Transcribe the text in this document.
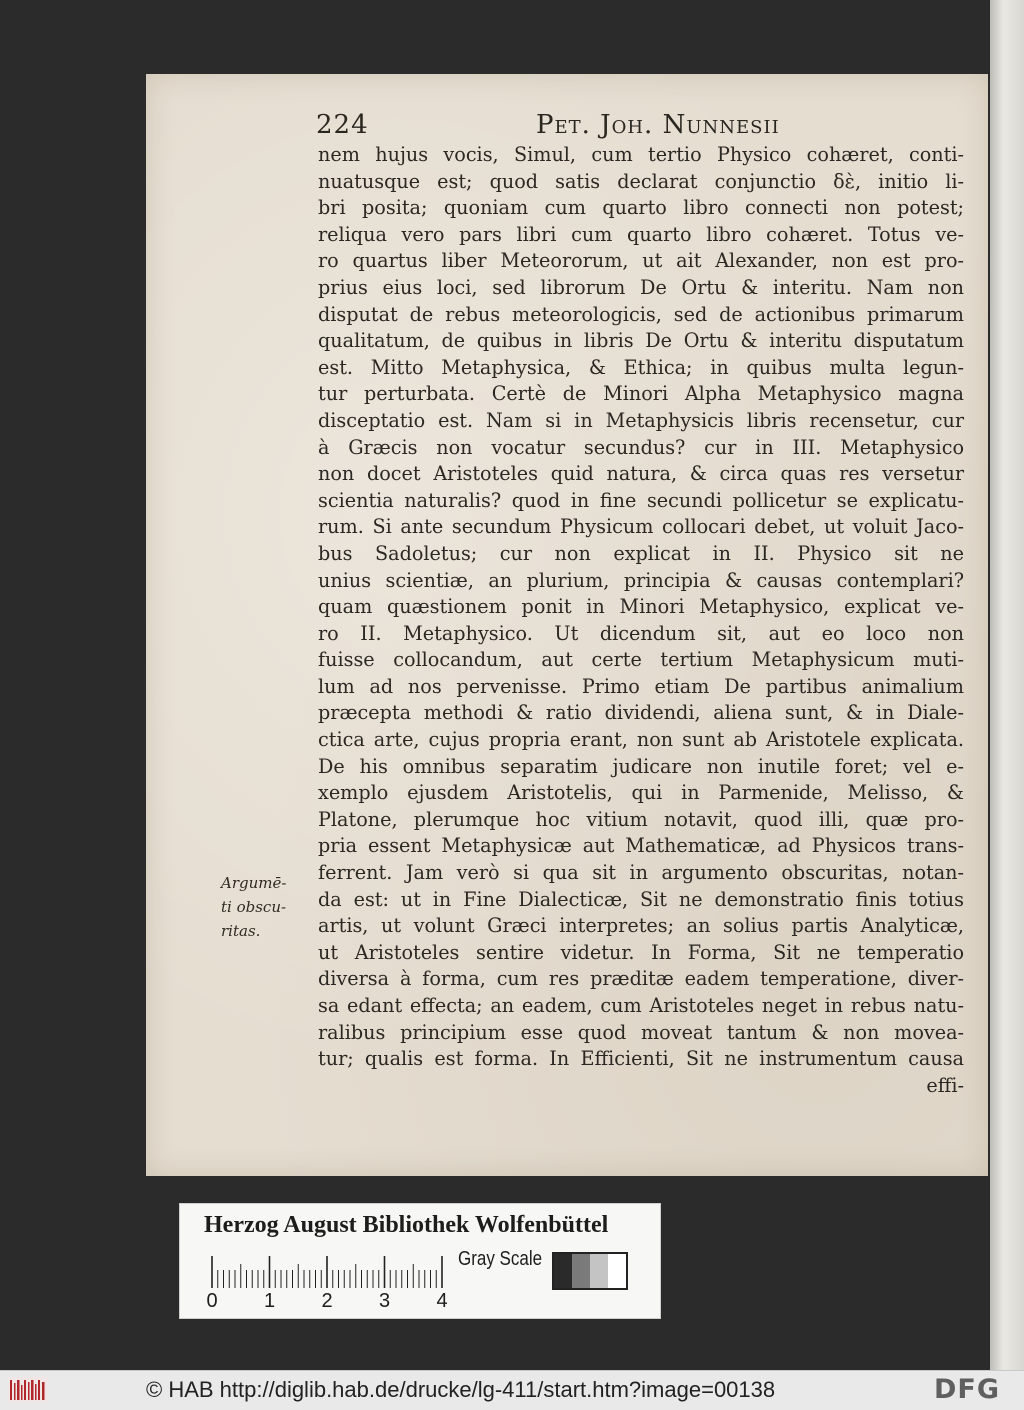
224	Pet. Joh. Nunnesii
nem hujus vocis, Simul, cum tertio Physico cohæret, conti-
nuatusque est; quod satis declarat conjunctio δὲ, initio li-
bri posita; quoniam cum quarto libro connecti non potest;
reliqua vero pars libri cum quarto libro cohæret. Totus ve-
ro quartus liber Meteororum, ut ait Alexander, non est pro-
prius eius loci, sed librorum De Ortu & interitu. Nam non
disputat de rebus meteorologicis, sed de actionibus primarum
qualitatum, de quibus in libris De Ortu & interitu disputatum
est. Mitto Metaphysica, & Ethica; in quibus multa legun-
tur perturbata. Certè de Minori Alpha Metaphysico magna
disceptatio est. Nam si in Metaphysicis libris recensetur, cur
à Græcis non vocatur secundus? cur in III. Metaphysico
non docet Aristoteles quid natura, & circa quas res versetur
scientia naturalis? quod in fine secundi pollicetur se explicatu-
rum. Si ante secundum Physicum collocari debet, ut voluit Jaco-
bus Sadoletus; cur non explicat in II. Physico sit ne
unius scientiæ, an plurium, principia & causas contemplari?
quam quæstionem ponit in Minori Metaphysico, explicat ve-
ro II. Metaphysico. Ut dicendum sit, aut eo loco non
fuisse collocandum, aut certe tertium Metaphysicum muti-
lum ad nos pervenisse. Primo etiam De partibus animalium
præcepta methodi & ratio dividendi, aliena sunt, & in Diale-
ctica arte, cujus propria erant, non sunt ab Aristotele explicata.
De his omnibus separatim judicare non inutile foret; vel e-
xemplo ejusdem Aristotelis, qui in Parmenide, Melisso, &
Platone, plerumque hoc vitium notavit, quod illi, quæ pro-
pria essent Metaphysicæ aut Mathematicæ, ad Physicos trans-
ferrent. Jam verò si qua sit in argumento obscuritas, notan-
da est: ut in Fine Dialecticæ, Sit ne demonstratio finis totius
artis, ut volunt Græci interpretes; an solius partis Analyticæ,
ut Aristoteles sentire videtur. In Forma, Sit ne temperatio
diversa à forma, cum res præditæ eadem temperatione, diver-
sa edant effecta; an eadem, cum Aristoteles neget in rebus natu-
ralibus principium esse quod moveat tantum & non movea-
tur; qualis est forma. In Efficienti, Sit ne instrumentum causa
effi-
Argumē-
ti obscu-
ritas.
Herzog August Bibliothek Wolfenbüttel
0 1 2 3 4
Gray Scale
© HAB http://diglib.hab.de/drucke/lg-411/start.htm?image=00138	DFG
